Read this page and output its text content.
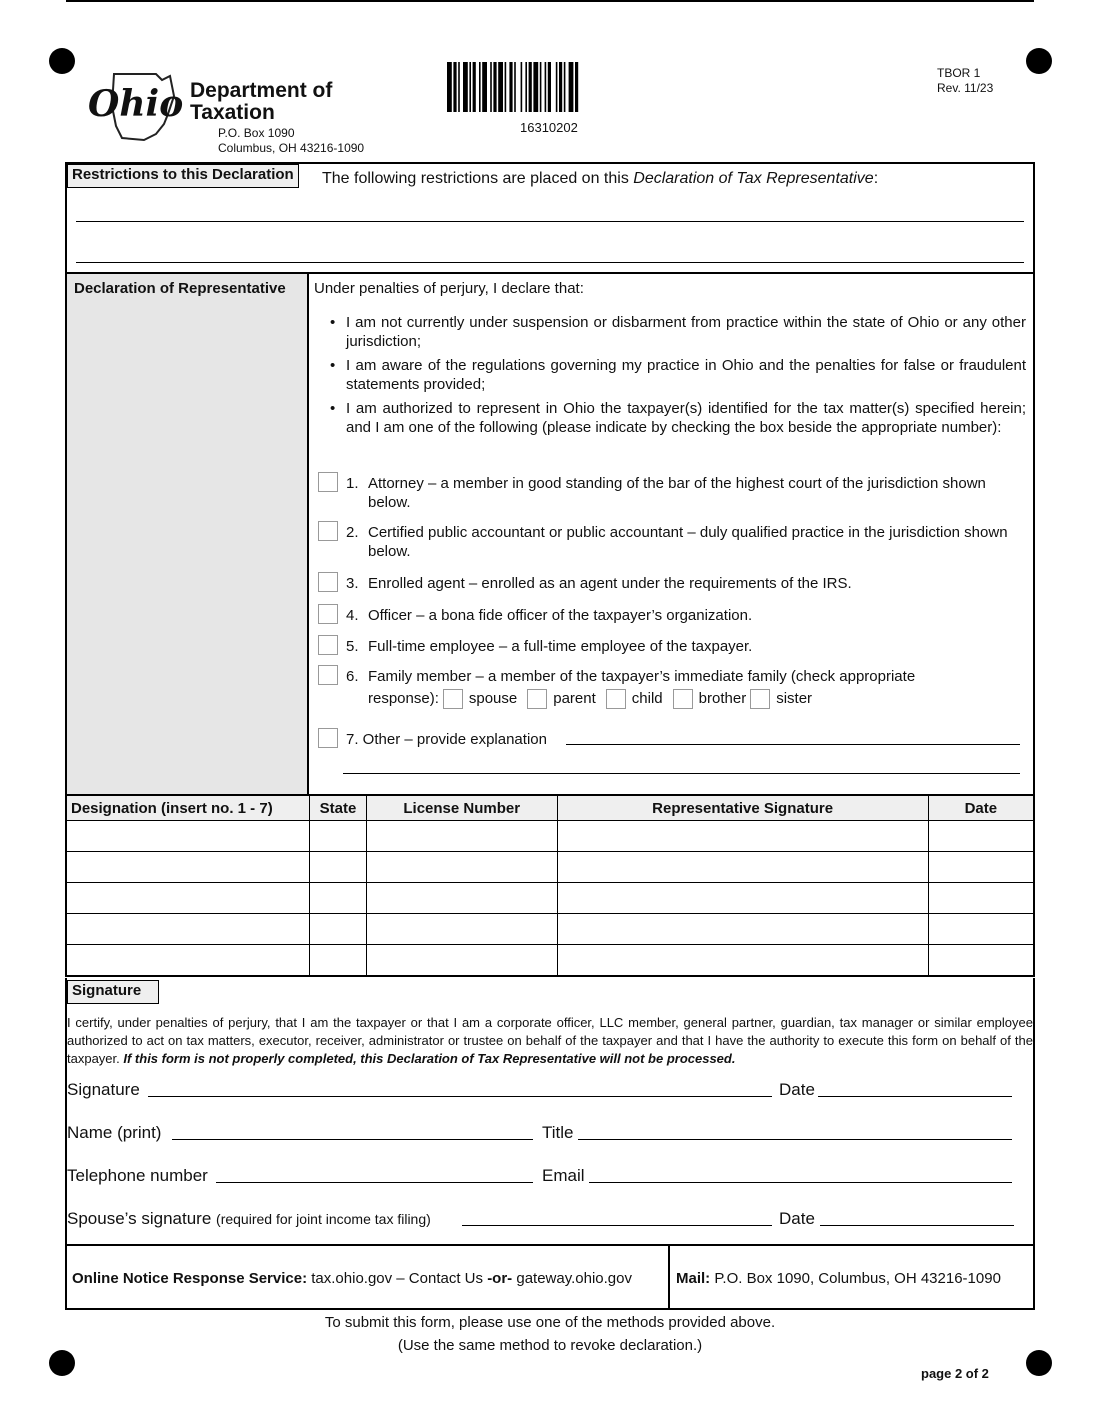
Ohio Department of
Taxation
P.O. Box 1090
Columbus, OH 43216-1090
16310202
TBOR 1
Rev. 11/23
Restrictions to this Declaration	The following restrictions are placed on this Declaration of Tax Representative:
Declaration of Representative Under penalties of perjury, I declare that:
• I am not currently under suspension or disbarment from practice within the state of Ohio or any other jurisdiction;
• I am aware of the regulations governing my practice in Ohio and the penalties for false or fraudulent statements provided;
• I am authorized to represent in Ohio the taxpayer(s) identified for the tax matter(s) specified herein; and I am one of the following (please indicate by checking the box beside the appropriate number):
1. Attorney – a member in good standing of the bar of the highest court of the jurisdiction shown below.
2. Certified public accountant or public accountant – duly qualified practice in the jurisdiction shown below.
3. Enrolled agent – enrolled as an agent under the requirements of the IRS.
4. Officer – a bona fide officer of the taxpayer’s organization.
5. Full-time employee – a full-time employee of the taxpayer.
6. Family member – a member of the taxpayer’s immediate family (check appropriate
response): spouse parent child brother sister
7. Other – provide explanation
Designation (insert no. 1 - 7)	State	License Number	Representative Signature	Date

Signature
I certify, under penalties of perjury, that I am the taxpayer or that I am a corporate officer, LLC member, general partner, guardian, tax manager or similar employee authorized to act on tax matters, executor, receiver, administrator or trustee on behalf of the taxpayer and that I have the authority to execute this form on behalf of the taxpayer. If this form is not properly completed, this Declaration of Tax Representative will not be processed.
Signature	Date
Name (print)	Title
Telephone number	Email
Spouse’s signature (required for joint income tax filing)	Date
Online Notice Response Service: tax.ohio.gov – Contact Us -or- gateway.ohio.gov	Mail: P.O. Box 1090, Columbus, OH 43216-1090
To submit this form, please use one of the methods provided above.
(Use the same method to revoke declaration.)
page 2 of 2
